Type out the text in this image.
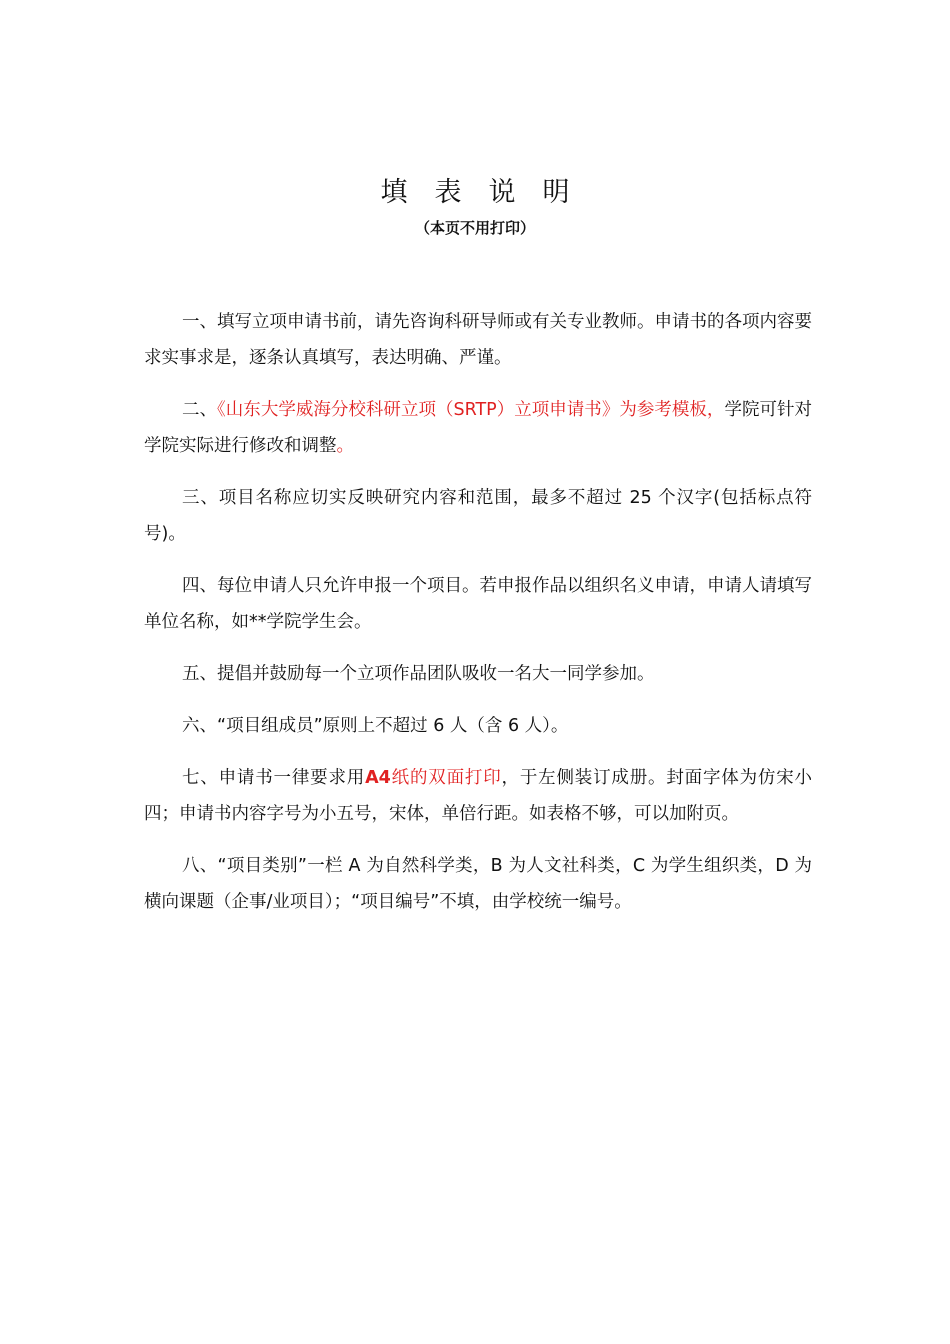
填表说明
（本页不用打印）

一、填写立项申请书前，请先咨询科研导师或有关专业教师。申请书的各项内容要求实事求是，逐条认真填写，表达明确、严谨。

二、《山东大学威海分校科研立项（SRTP）立项申请书》为参考模板，学院可针对学院实际进行修改和调整。

三、项目名称应切实反映研究内容和范围，最多不超过 25 个汉字(包括标点符号)。

四、每位申请人只允许申报一个项目。若申报作品以组织名义申请，申请人请填写单位名称，如**学院学生会。

五、提倡并鼓励每一个立项作品团队吸收一名大一同学参加。

六、“项目组成员”原则上不超过 6 人（含 6 人）。

七、申请书一律要求用A4纸的双面打印，于左侧装订成册。封面字体为仿宋小四；申请书内容字号为小五号，宋体，单倍行距。如表格不够，可以加附页。

八、“项目类别”一栏 A 为自然科学类，B 为人文社科类，C 为学生组织类，D 为横向课题（企事/业项目）；“项目编号”不填，由学校统一编号。
